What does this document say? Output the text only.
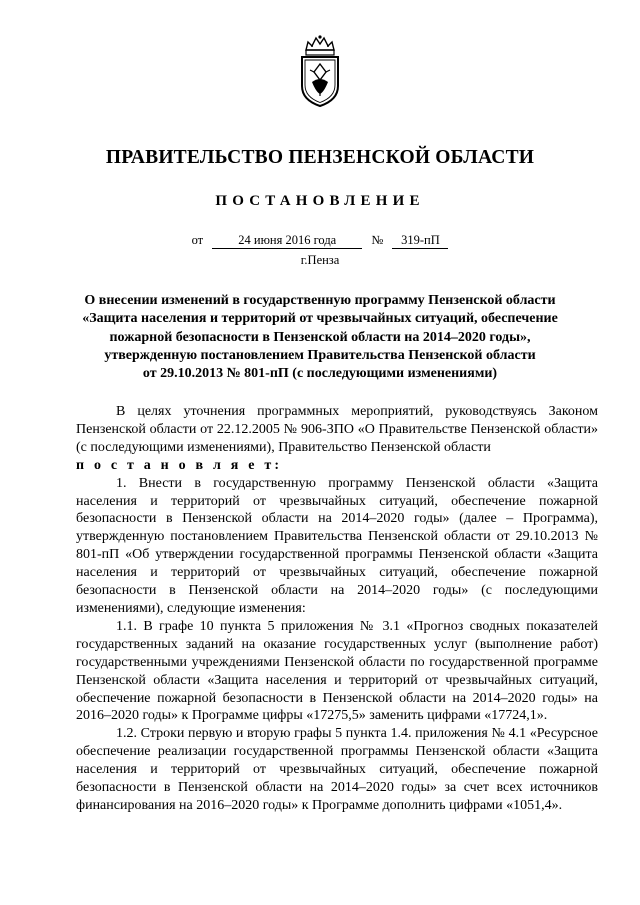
ПРАВИТЕЛЬСТВО ПЕНЗЕНСКОЙ ОБЛАСТИ
ПОСТАНОВЛЕНИЕ
от	24 июня 2016 года	№ 319-пП
г.Пенза
О внесении изменений в государственную программу Пензенской области
«Защита населения и территорий от чрезвычайных ситуаций, обеспечение
пожарной безопасности в Пензенской области на 2014–2020 годы»,
утвержденную постановлением Правительства Пензенской области
от 29.10.2013 № 801-пП (с последующими изменениями)

В целях уточнения программных мероприятий, руководствуясь Законом Пензенской области от 22.12.2005 № 906-ЗПО «О Правительстве Пензенской области» (с последующими изменениями), Правительство Пензенской области

п о с т а н о в л я е т:

1. Внести в государственную программу Пензенской области «Защита населения и территорий от чрезвычайных ситуаций, обеспечение пожарной безопасности в Пензенской области на 2014–2020 годы» (далее – Программа), утвержденную постановлением Правительства Пензенской области от 29.10.2013 № 801-пП «Об утверждении государственной программы Пензенской области «Защита населения и территорий от чрезвычайных ситуаций, обеспечение пожарной безопасности в Пензенской области на 2014–2020 годы» (с последующими изменениями), следующие изменения:

1.1. В графе 10 пункта 5 приложения № 3.1 «Прогноз сводных показателей государственных заданий на оказание государственных услуг (выполнение работ) государственными учреждениями Пензенской области по государственной программе Пензенской области «Защита населения и территорий от чрезвычайных ситуаций, обеспечение пожарной безопасности в Пензенской области на 2014–2020 годы» на 2016–2020 годы» к Программе цифры «17275,5» заменить цифрами «17724,1».

1.2. Строки первую и вторую графы 5 пункта 1.4. приложения № 4.1 «Ресурсное обеспечение реализации государственной программы Пензенской области «Защита населения и территорий от чрезвычайных ситуаций, обеспечение пожарной безопасности в Пензенской области на 2014–2020 годы» за счет всех источников финансирования на 2016–2020 годы» к Программе дополнить цифрами «1051,4».
